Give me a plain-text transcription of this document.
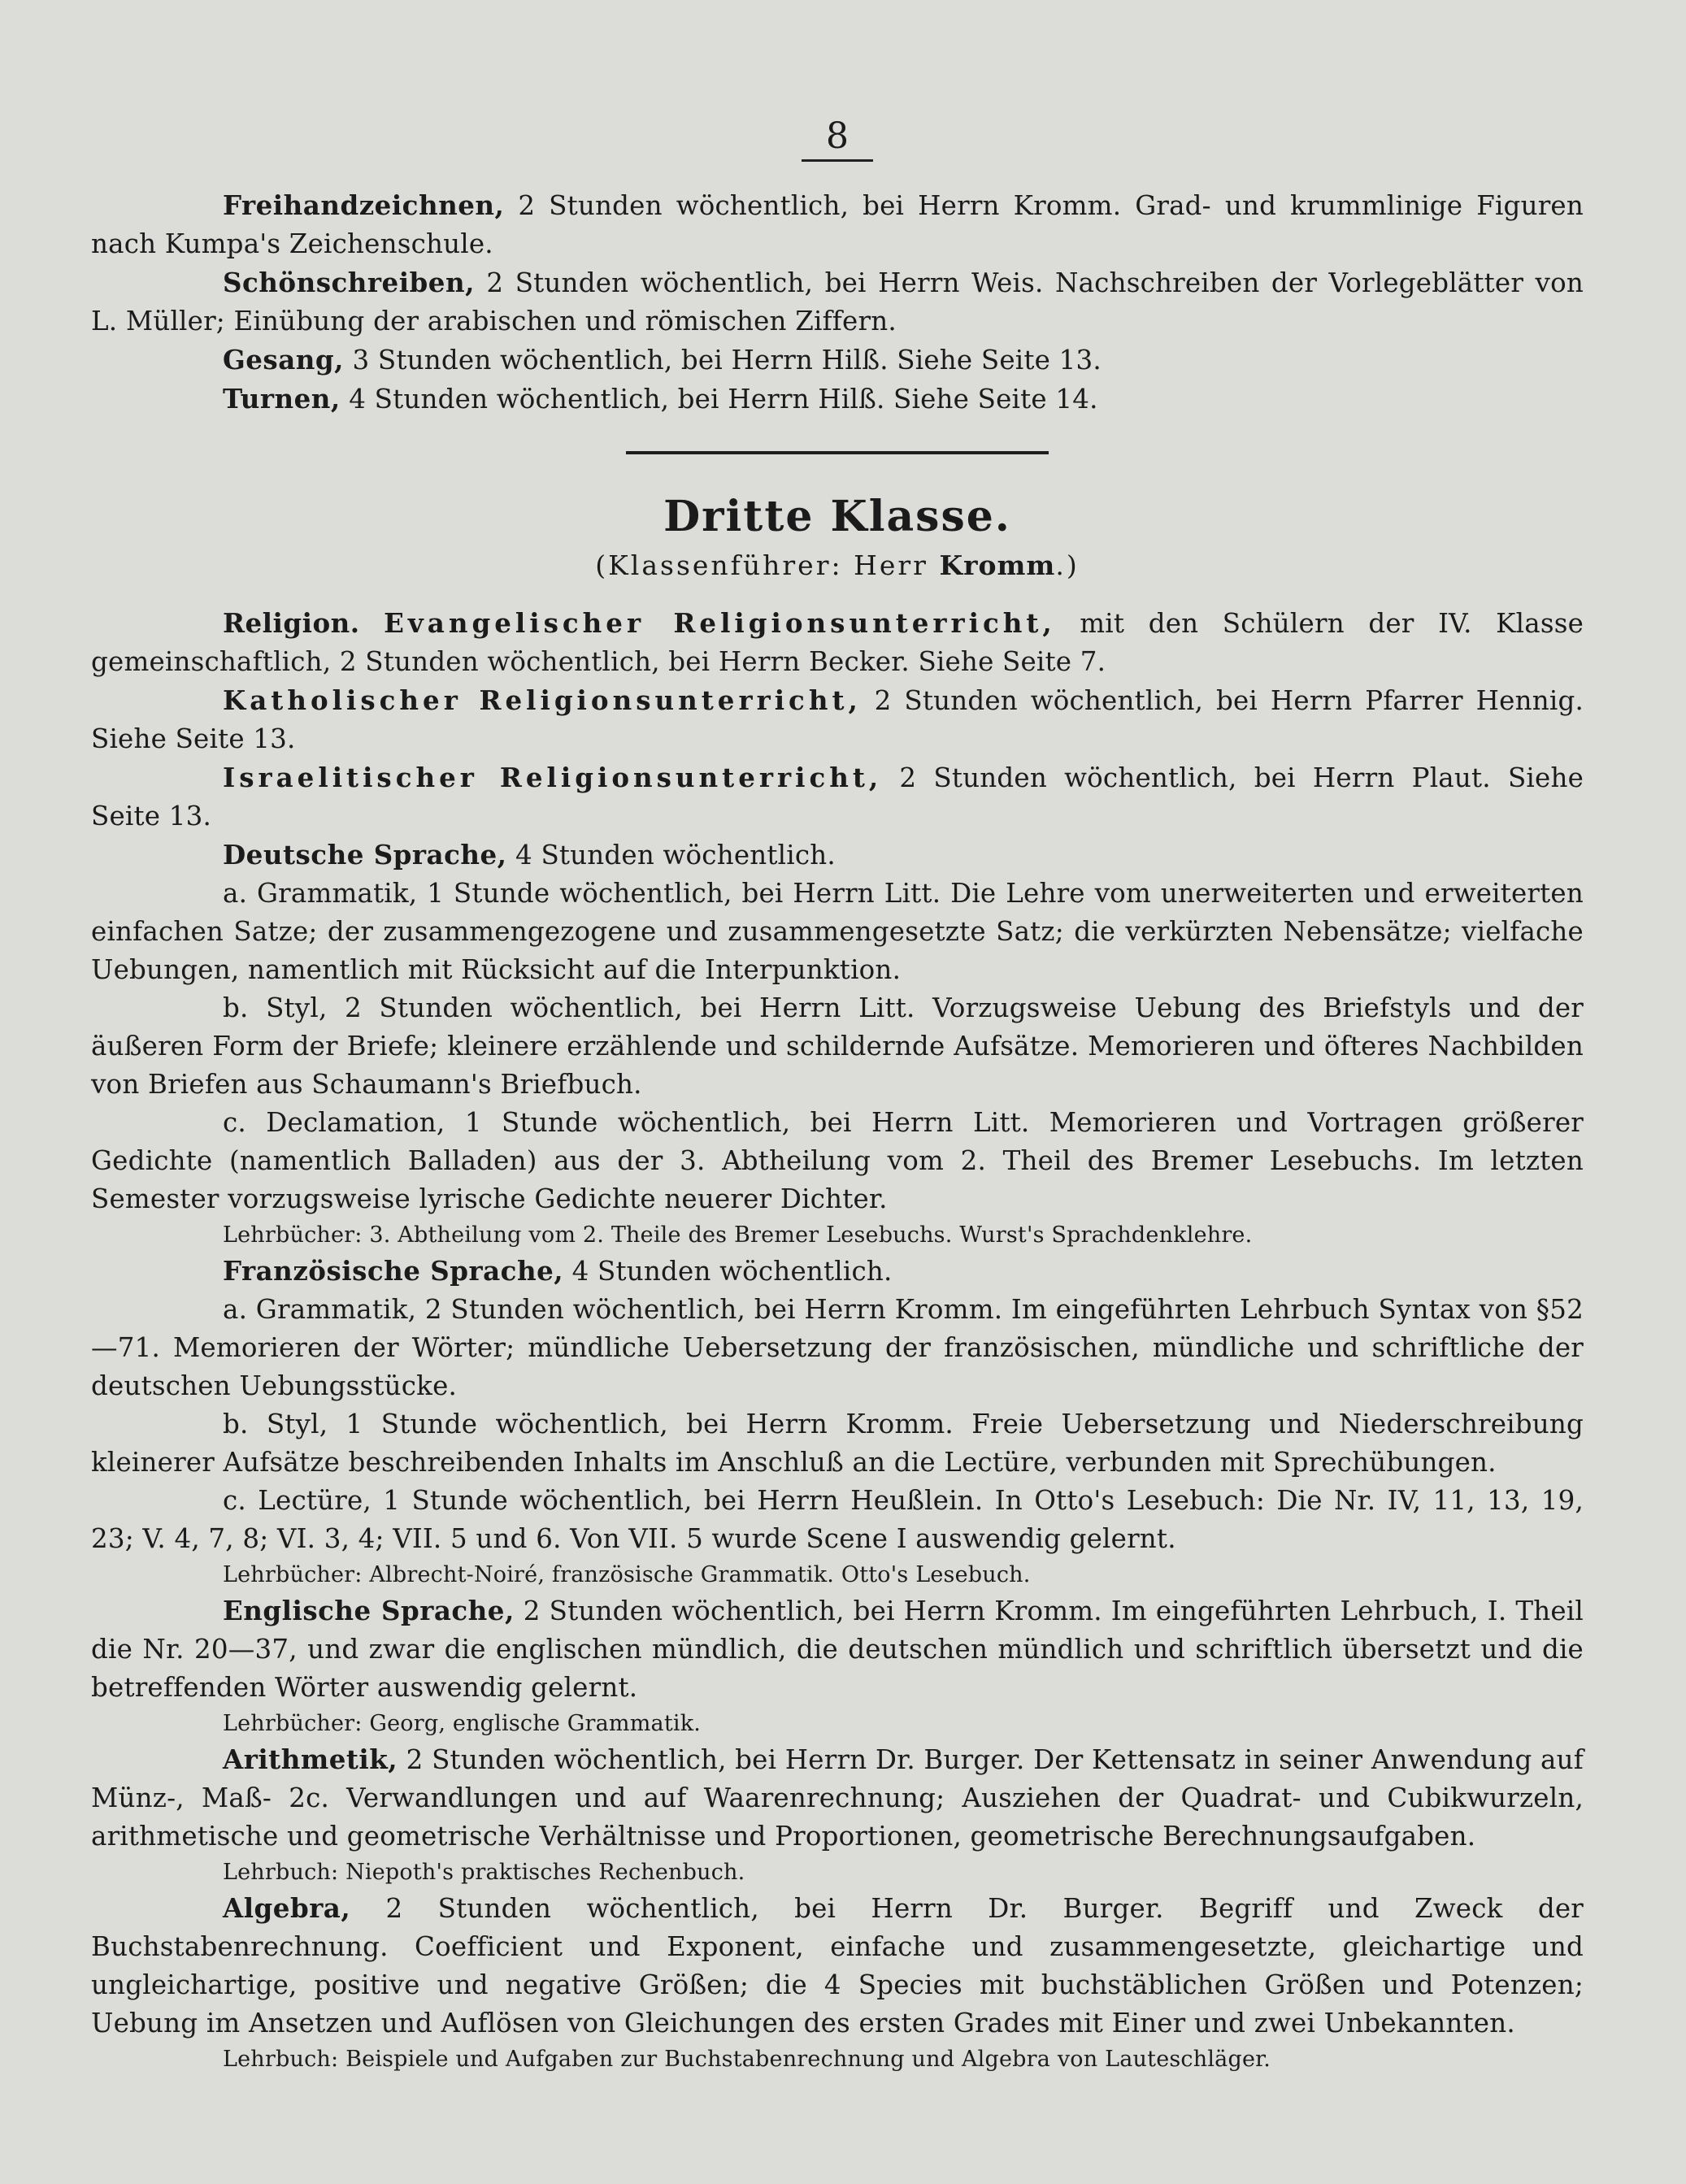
8

Freihandzeichnen, 2 Stunden wöchentlich, bei Herrn Kromm. Grad- und krummlinige Figuren nach Kumpa's Zeichenschule.

Schönschreiben, 2 Stunden wöchentlich, bei Herrn Weis. Nachschreiben der Vorlegeblätter von L. Müller; Einübung der arabischen und römischen Ziffern.

Gesang, 3 Stunden wöchentlich, bei Herrn Hilß. Siehe Seite 13.

Turnen, 4 Stunden wöchentlich, bei Herrn Hilß. Siehe Seite 14.

Dritte Klasse.
(Klassenführer: Herr Kromm.)

Religion. Evangelischer Religionsunterricht, mit den Schülern der IV. Klasse gemeinschaftlich, 2 Stunden wöchentlich, bei Herrn Becker. Siehe Seite 7.

Katholischer Religionsunterricht, 2 Stunden wöchentlich, bei Herrn Pfarrer Hennig. Siehe Seite 13.

Israelitischer Religionsunterricht, 2 Stunden wöchentlich, bei Herrn Plaut. Siehe Seite 13.

Deutsche Sprache, 4 Stunden wöchentlich.

a. Grammatik, 1 Stunde wöchentlich, bei Herrn Litt. Die Lehre vom unerweiterten und erweiterten einfachen Satze; der zusammengezogene und zusammengesetzte Satz; die verkürzten Nebensätze; vielfache Uebungen, namentlich mit Rücksicht auf die Interpunktion.

b. Styl, 2 Stunden wöchentlich, bei Herrn Litt. Vorzugsweise Uebung des Briefstyls und der äußeren Form der Briefe; kleinere erzählende und schildernde Aufsätze. Memorieren und öfteres Nachbilden von Briefen aus Schaumann's Briefbuch.

c. Declamation, 1 Stunde wöchentlich, bei Herrn Litt. Memorieren und Vortragen größerer Gedichte (namentlich Balladen) aus der 3. Abtheilung vom 2. Theil des Bremer Lesebuchs. Im letzten Semester vorzugsweise lyrische Gedichte neuerer Dichter.

Lehrbücher: 3. Abtheilung vom 2. Theile des Bremer Lesebuchs. Wurst's Sprachdenklehre.

Französische Sprache, 4 Stunden wöchentlich.

a. Grammatik, 2 Stunden wöchentlich, bei Herrn Kromm. Im eingeführten Lehrbuch Syntax von §52—71. Memorieren der Wörter; mündliche Uebersetzung der französischen, mündliche und schriftliche der deutschen Uebungsstücke.

b. Styl, 1 Stunde wöchentlich, bei Herrn Kromm. Freie Uebersetzung und Niederschreibung kleinerer Aufsätze beschreibenden Inhalts im Anschluß an die Lectüre, verbunden mit Sprechübungen.

c. Lectüre, 1 Stunde wöchentlich, bei Herrn Heußlein. In Otto's Lesebuch: Die Nr. IV, 11, 13, 19, 23; V. 4, 7, 8; VI. 3, 4; VII. 5 und 6. Von VII. 5 wurde Scene I auswendig gelernt.

Lehrbücher: Albrecht-Noiré, französische Grammatik. Otto's Lesebuch.

Englische Sprache, 2 Stunden wöchentlich, bei Herrn Kromm. Im eingeführten Lehrbuch, I. Theil die Nr. 20—37, und zwar die englischen mündlich, die deutschen mündlich und schriftlich übersetzt und die betreffenden Wörter auswendig gelernt.

Lehrbücher: Georg, englische Grammatik.

Arithmetik, 2 Stunden wöchentlich, bei Herrn Dr. Burger. Der Kettensatz in seiner Anwendung auf Münz-, Maß- 2c. Verwandlungen und auf Waarenrechnung; Ausziehen der Quadrat- und Cubikwurzeln, arithmetische und geometrische Verhältnisse und Proportionen, geometrische Berechnungsaufgaben.

Lehrbuch: Niepoth's praktisches Rechenbuch.

Algebra, 2 Stunden wöchentlich, bei Herrn Dr. Burger. Begriff und Zweck der Buchstabenrechnung. Coefficient und Exponent, einfache und zusammengesetzte, gleichartige und ungleichartige, positive und negative Größen; die 4 Species mit buchstäblichen Größen und Potenzen; Uebung im Ansetzen und Auflösen von Gleichungen des ersten Grades mit Einer und zwei Unbekannten.

Lehrbuch: Beispiele und Aufgaben zur Buchstabenrechnung und Algebra von Lauteschläger.
